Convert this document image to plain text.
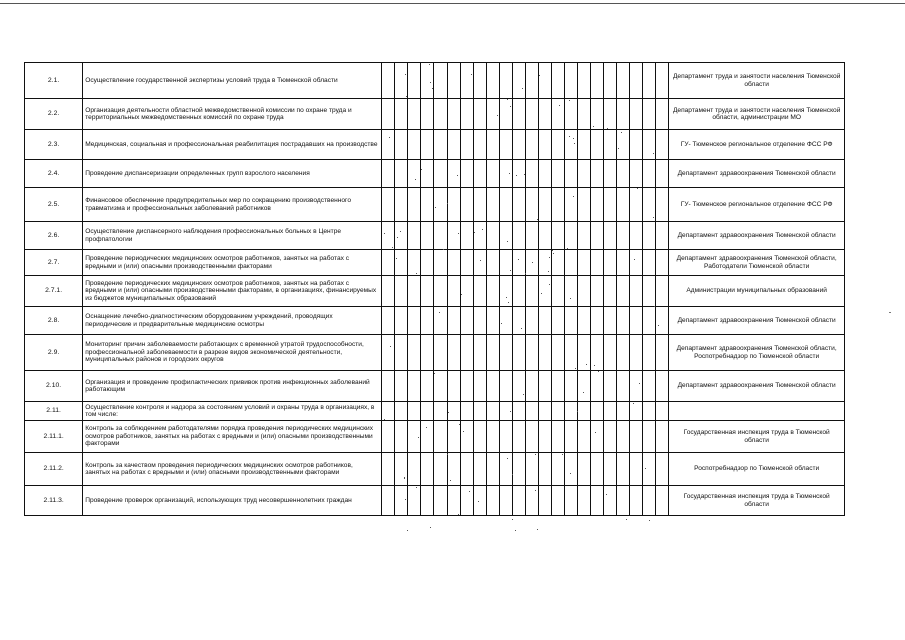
2.1.	Осуществление государственной экспертизы условий труда в Тюменской области																							Департамент труда и занятости населения Тюменской области
2.2.	Организация деятельности областной межведомственной комиссии по охране труда и территориальных межведомственных комиссий по охране труда																							Департамент труда и занятости населения Тюменской области, администрации МО
2.3.	Медицинская, социальная и профессиональная реабилитация пострадавших на производстве																							ГУ- Тюменское региональное отделение ФСС РФ
2.4.	Проведение диспансеризации определенных групп взрослого населения																							Департамент здравоохранения Тюменской области
2.5.	Финансовое обеспечение предупредительных мер по сокращению производственного травматизма и профессиональных заболеваний работников																							ГУ- Тюменское региональное отделение ФСС РФ
2.6.	Осуществление диспансерного наблюдения профессиональных больных в Центре профпатологии																							Департамент здравоохранения Тюменской области
2.7.	Проведение периодических медицинских осмотров работников, занятых на работах с вредными и (или) опасными производственными факторами																							Департамент здравоохранения Тюменской области, Работодатели Тюменской области
2.7.1.	Проведение периодических медицинских осмотров работников, занятых на работах с вредными и (или) опасными производственными факторами, в организациях, финансируемых из бюджетов муниципальных образований																							Администрации муниципальных образований
2.8.	Оснащение лечебно-диагностическим оборудованием учреждений, проводящих периодические и предварительные медицинские осмотры																							Департамент здравоохранения Тюменской области
2.9.	Мониторинг причин заболеваемости работающих с временной утратой трудоспособности, профессиональной заболеваемости в разрезе видов экономической деятельности, муниципальных районов и городских округов																							Департамент здравоохранения Тюменской области, Роспотребнадзор по Тюменской области
2.10.	Организация и проведение профилактических прививок против инфекционных заболеваний работающим																							Департамент здравоохранения Тюменской области
2.11.	Осуществление контроля и надзора за состоянием условий и охраны труда в организациях, в том числе:																							
2.11.1.	Контроль за соблюдением работодателями порядка проведения периодических медицинских осмотров работников, занятых на работах с вредными и (или) опасными производственными факторами																							Государственная инспекция труда в Тюменской области
2.11.2.	Контроль за качеством проведения периодических медицинских осмотров работников, занятых на работах с вредными и (или) опасными производственными факторами																							Роспотребнадзор по Тюменской области
2.11.3.	Проведение проверок организаций, использующих труд несовершеннолетних граждан																							Государственная инспекция труда в Тюменской области
